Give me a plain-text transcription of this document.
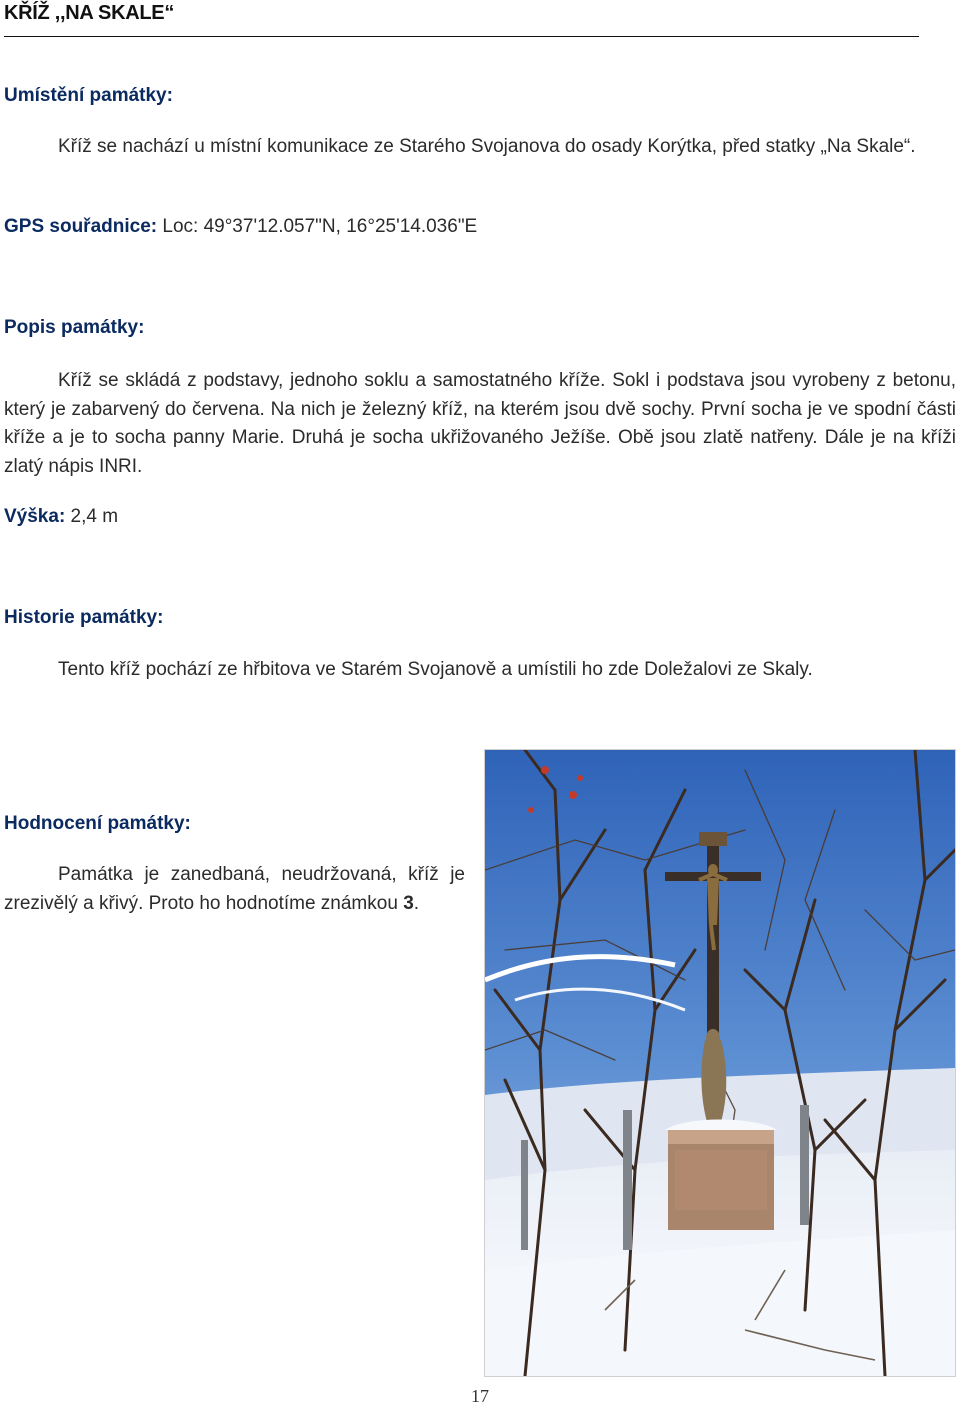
KŘÍŽ ,,NA SKALE“
Umístění památky:
Kříž se nachází u místní komunikace ze Starého Svojanova do osady Korýtka, před statky „Na Skale“.
GPS souřadnice: Loc: 49°37'12.057"N, 16°25'14.036"E
Popis památky:
Kříž se skládá z podstavy, jednoho soklu a samostatného kříže. Sokl i podstava jsou vyrobeny z betonu, který je zabarvený do červena. Na nich je železný kříž, na kterém jsou dvě sochy. První socha je ve spodní části kříže a je to socha panny Marie. Druhá je socha ukřižovaného Ježíše. Obě jsou zlatě natřeny. Dále je na kříži zlatý nápis INRI.
Výška: 2,4 m
Historie památky:
Tento kříž pochází ze hřbitova ve Starém Svojanově a umístili ho zde Doležalovi ze Skaly.
Hodnocení památky:
Památka je zanedbaná, neudržovaná, kříž je zrezivělý a křivý. Proto ho hodnotíme známkou 3.
17
